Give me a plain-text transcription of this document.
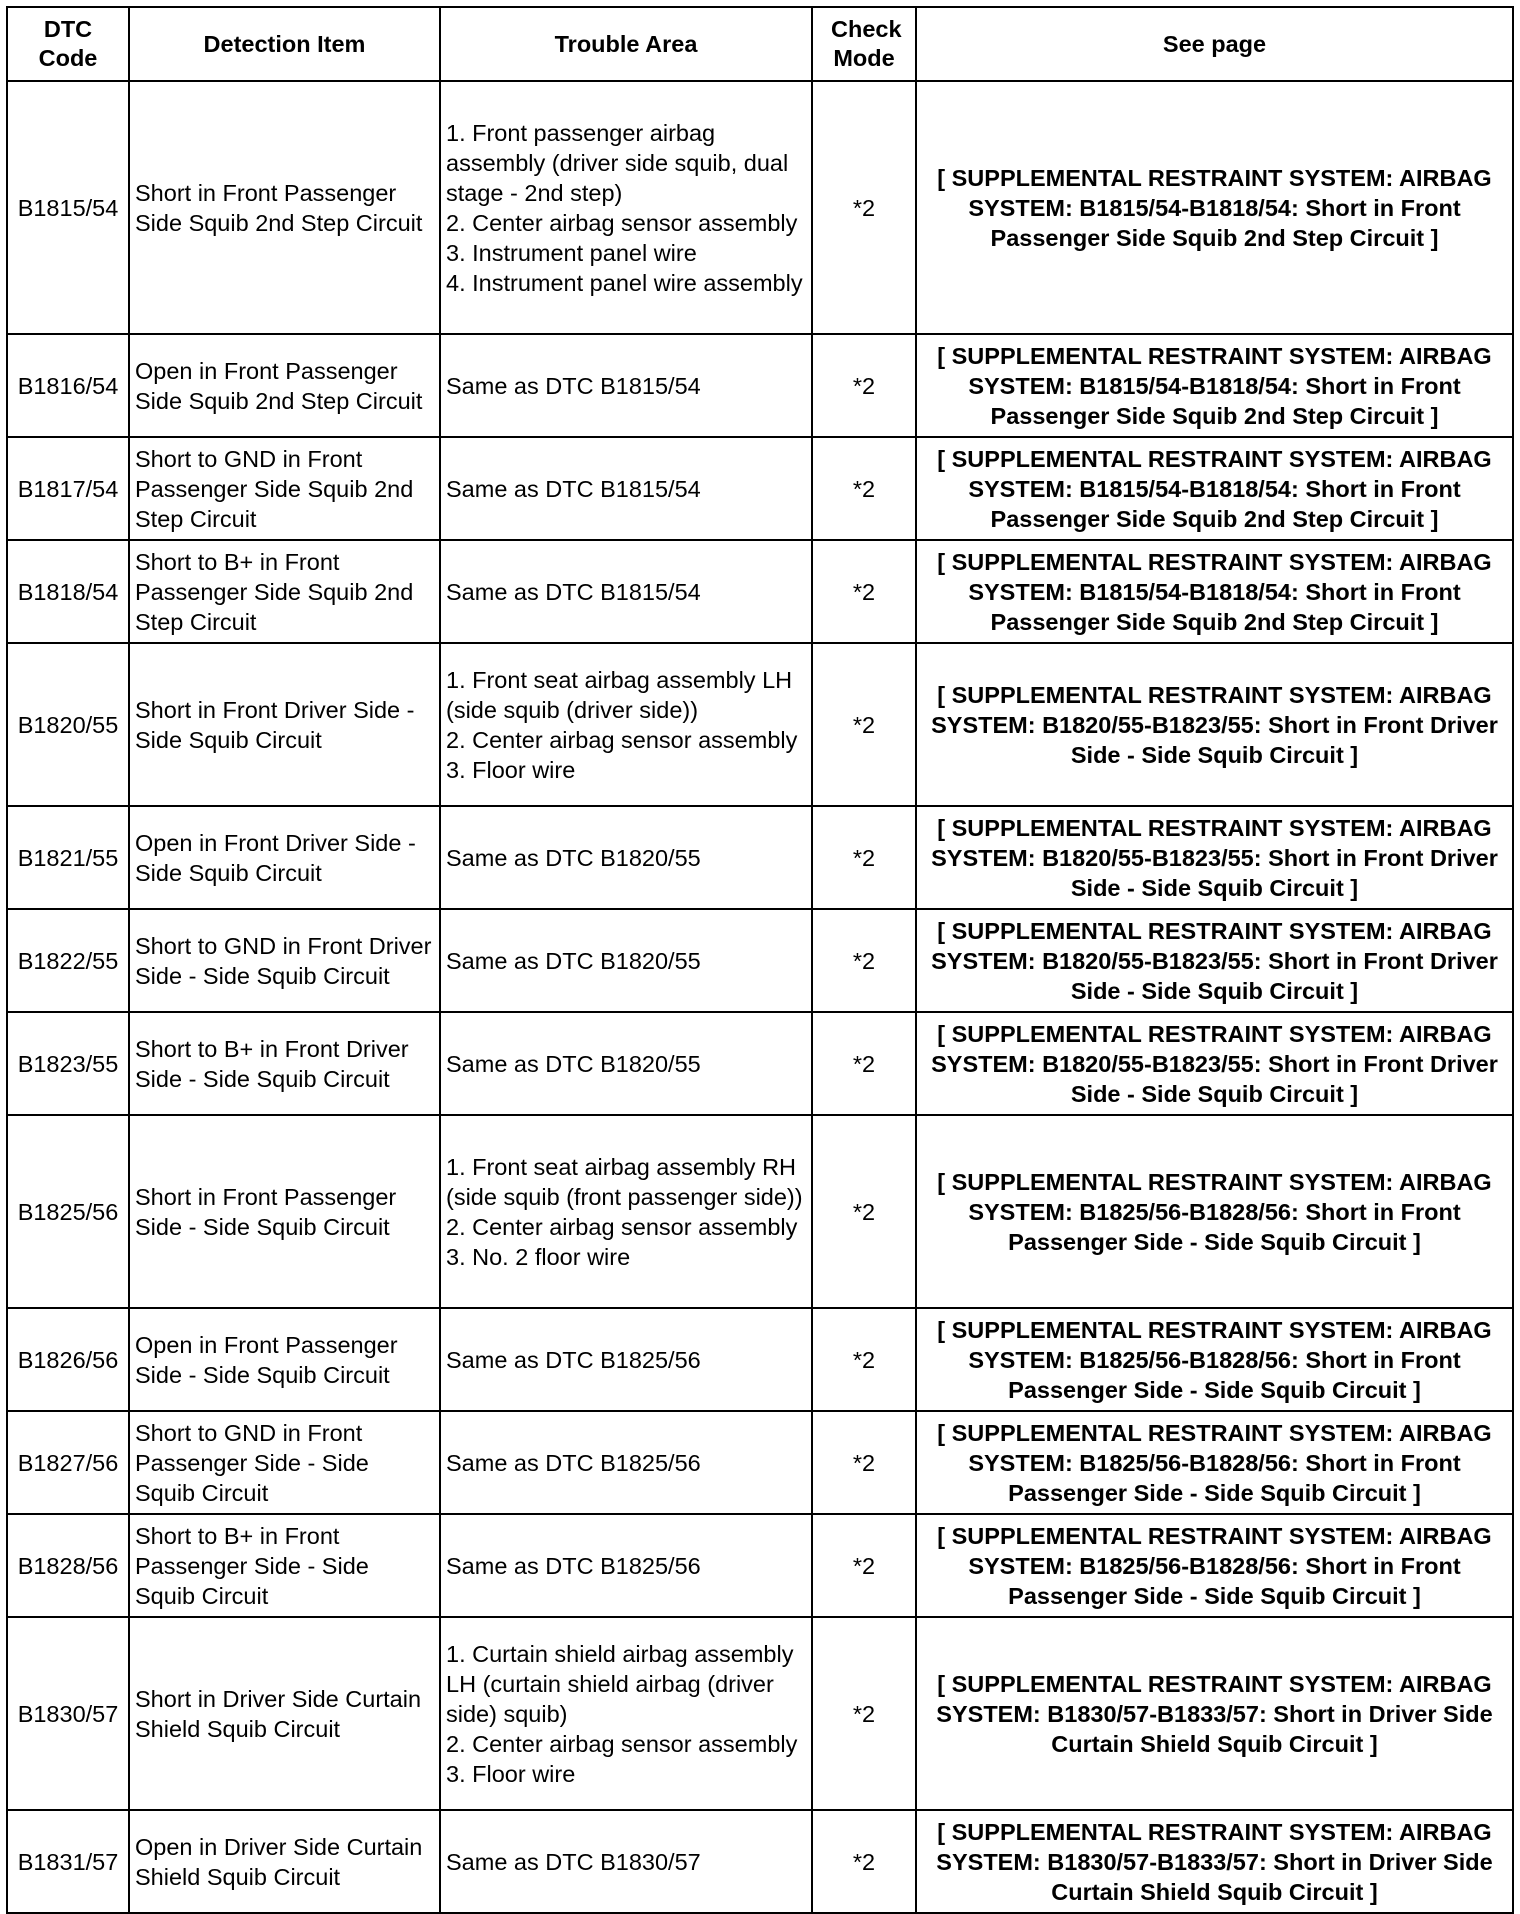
DTC Code	Detection Item	Trouble Area	Check Mode	See page
B1815/54	Short in Front Passenger Side Squib 2nd Step Circuit	1. Front passenger airbag assembly (driver side squib, dual stage - 2nd step)
2. Center airbag sensor assembly
3. Instrument panel wire
4. Instrument panel wire assembly	*2	[ SUPPLEMENTAL RESTRAINT SYSTEM: AIRBAG SYSTEM: B1815/54-B1818/54: Short in Front Passenger Side Squib 2nd Step Circuit ]
B1816/54	Open in Front Passenger Side Squib 2nd Step Circuit	Same as DTC B1815/54	*2	[ SUPPLEMENTAL RESTRAINT SYSTEM: AIRBAG SYSTEM: B1815/54-B1818/54: Short in Front Passenger Side Squib 2nd Step Circuit ]
B1817/54	Short to GND in Front Passenger Side Squib 2nd Step Circuit	Same as DTC B1815/54	*2	[ SUPPLEMENTAL RESTRAINT SYSTEM: AIRBAG SYSTEM: B1815/54-B1818/54: Short in Front Passenger Side Squib 2nd Step Circuit ]
B1818/54	Short to B+ in Front Passenger Side Squib 2nd Step Circuit	Same as DTC B1815/54	*2	[ SUPPLEMENTAL RESTRAINT SYSTEM: AIRBAG SYSTEM: B1815/54-B1818/54: Short in Front Passenger Side Squib 2nd Step Circuit ]
B1820/55	Short in Front Driver Side - Side Squib Circuit	1. Front seat airbag assembly LH (side squib (driver side))
2. Center airbag sensor assembly
3. Floor wire	*2	[ SUPPLEMENTAL RESTRAINT SYSTEM: AIRBAG SYSTEM: B1820/55-B1823/55: Short in Front Driver Side - Side Squib Circuit ]
B1821/55	Open in Front Driver Side - Side Squib Circuit	Same as DTC B1820/55	*2	[ SUPPLEMENTAL RESTRAINT SYSTEM: AIRBAG SYSTEM: B1820/55-B1823/55: Short in Front Driver Side - Side Squib Circuit ]
B1822/55	Short to GND in Front Driver Side - Side Squib Circuit	Same as DTC B1820/55	*2	[ SUPPLEMENTAL RESTRAINT SYSTEM: AIRBAG SYSTEM: B1820/55-B1823/55: Short in Front Driver Side - Side Squib Circuit ]
B1823/55	Short to B+ in Front Driver Side - Side Squib Circuit	Same as DTC B1820/55	*2	[ SUPPLEMENTAL RESTRAINT SYSTEM: AIRBAG SYSTEM: B1820/55-B1823/55: Short in Front Driver Side - Side Squib Circuit ]
B1825/56	Short in Front Passenger Side - Side Squib Circuit	1. Front seat airbag assembly RH (side squib (front passenger side))
2. Center airbag sensor assembly
3. No. 2 floor wire	*2	[ SUPPLEMENTAL RESTRAINT SYSTEM: AIRBAG SYSTEM: B1825/56-B1828/56: Short in Front Passenger Side - Side Squib Circuit ]
B1826/56	Open in Front Passenger Side - Side Squib Circuit	Same as DTC B1825/56	*2	[ SUPPLEMENTAL RESTRAINT SYSTEM: AIRBAG SYSTEM: B1825/56-B1828/56: Short in Front Passenger Side - Side Squib Circuit ]
B1827/56	Short to GND in Front Passenger Side - Side Squib Circuit	Same as DTC B1825/56	*2	[ SUPPLEMENTAL RESTRAINT SYSTEM: AIRBAG SYSTEM: B1825/56-B1828/56: Short in Front Passenger Side - Side Squib Circuit ]
B1828/56	Short to B+ in Front Passenger Side - Side Squib Circuit	Same as DTC B1825/56	*2	[ SUPPLEMENTAL RESTRAINT SYSTEM: AIRBAG SYSTEM: B1825/56-B1828/56: Short in Front Passenger Side - Side Squib Circuit ]
B1830/57	Short in Driver Side Curtain Shield Squib Circuit	1. Curtain shield airbag assembly LH (curtain shield airbag (driver side) squib)
2. Center airbag sensor assembly
3. Floor wire	*2	[ SUPPLEMENTAL RESTRAINT SYSTEM: AIRBAG SYSTEM: B1830/57-B1833/57: Short in Driver Side Curtain Shield Squib Circuit ]
B1831/57	Open in Driver Side Curtain Shield Squib Circuit	Same as DTC B1830/57	*2	[ SUPPLEMENTAL RESTRAINT SYSTEM: AIRBAG SYSTEM: B1830/57-B1833/57: Short in Driver Side Curtain Shield Squib Circuit ]
